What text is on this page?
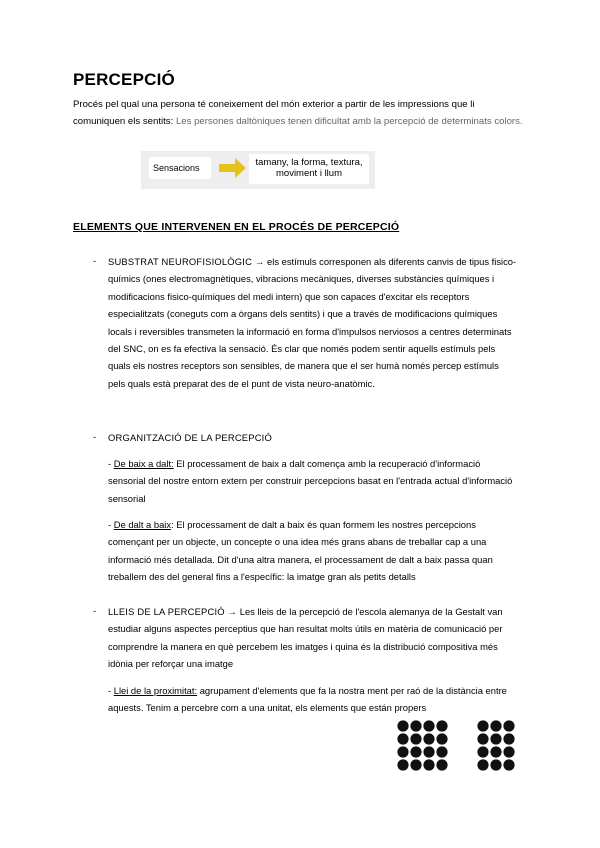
PERCEPCIÓ
Procés pel qual una persona té coneixement del món exterior a partir de les impressions que li comuniquen els sentits: Les persones daltòniques tenen dificultat amb la percepció de determinats colors.
Sensacions	tamany, la forma, textura,
moviment i llum
ELEMENTS QUE INTERVENEN EN EL PROCÉS DE PERCEPCIÓ
- SUBSTRAT NEUROFISIOLÒGIC → els estímuls corresponen als diferents canvis de tipus fisico-químics (ones electromagnètiques, vibracions mecàniques, diverses substàncies químiques i modificacions fisico-químiques del medi intern) que son capaces d'excitar els receptors especialitzats (coneguts com a òrgans dels sentits) i que a través de modificacions químiques locals i reversibles transmeten la informació en forma d'impulsos nerviosos a centres determinats del SNC, on es fa efectiva la sensació. És clar que només podem sentir aquells estímuls pels quals els nostres receptors son sensibles, de manera que el ser humà només percep estímuls pels quals està preparat des de el punt de vista neuro-anatòmic.
- ORGANITZACIÓ DE LA PERCEPCIÓ
- De baix a dalt: El processament de baix a dalt comença amb la recuperació d'informació sensorial del nostre entorn extern per construir percepcions basat en l'entrada actual d'informació sensorial
- De dalt a baix: El processament de dalt a baix és quan formem les nostres percepcions començant per un objecte, un concepte o una idea més grans abans de treballar cap a una informació més detallada. Dit d'una altra manera, el processament de dalt a baix passa quan treballem des del general fins a l'específic: la imatge gran als petits detalls
- LLEIS DE LA PERCEPCIÓ → Les lleis de la percepció de l'escola alemanya de la Gestalt van estudiar alguns aspectes perceptius que han resultat molts útils en matèria de comunicació per comprendre la manera en què percebem les imatges i quina és la distribució compositiva més idònia per reforçar una imatge
- Llei de la proximitat: agrupament d'elements que fa la nostra ment per raó de la distància entre aquests. Tenim a percebre com a una unitat, els elements que están propers
